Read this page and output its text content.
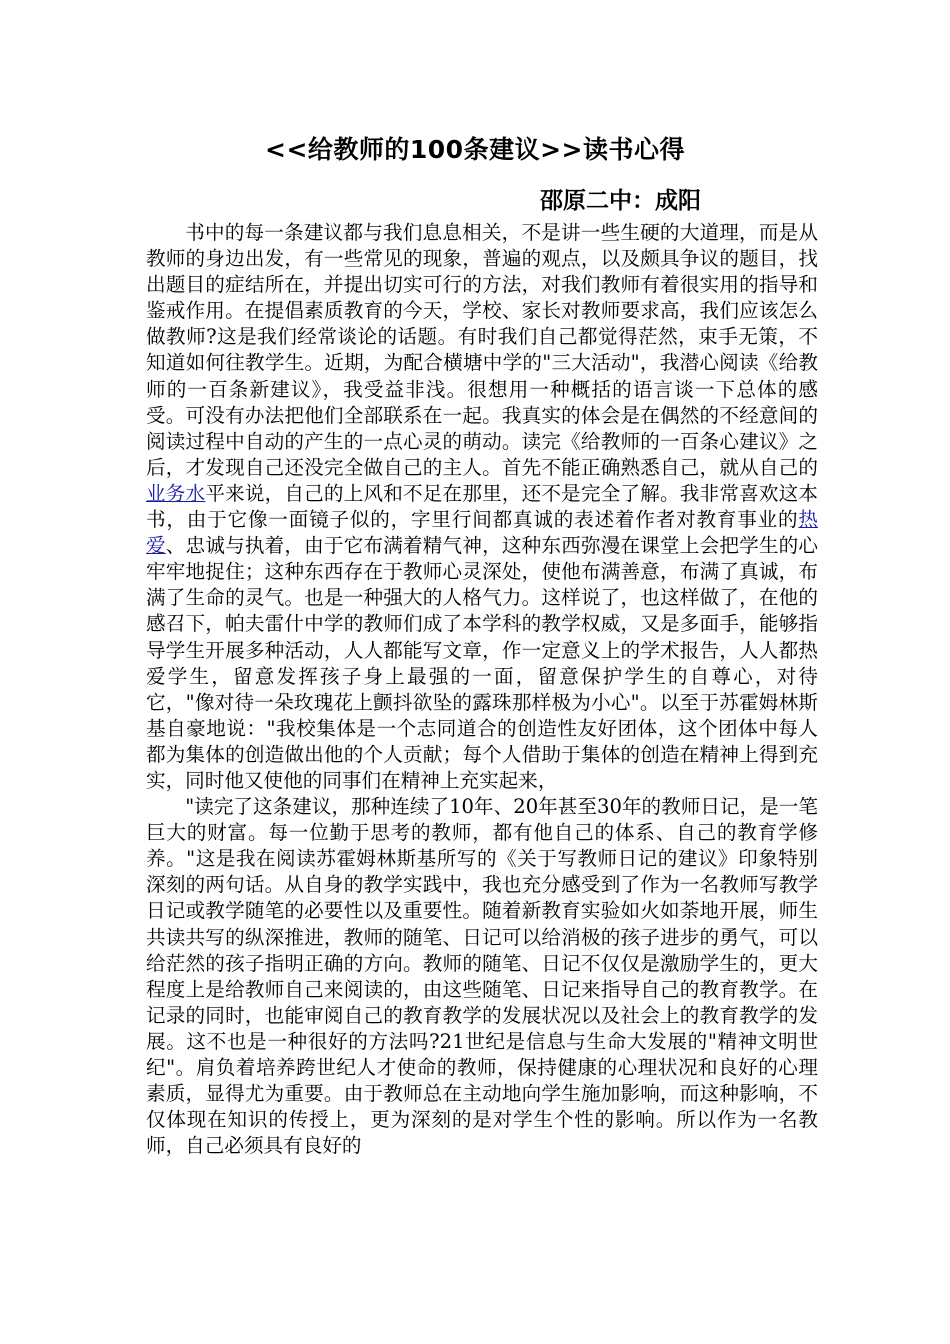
<<给教师的100条建议>>读书心得
邵原二中：成阳

书中的每一条建议都与我们息息相关，不是讲一些生硬的大道理，而是从教师的身边出发，有一些常见的现象，普遍的观点，以及颇具争议的题目，找出题目的症结所在，并提出切实可行的方法，对我们教师有着很实用的指导和鉴戒作用。在提倡素质教育的今天，学校、家长对教师要求高，我们应该怎么做教师?这是我们经常谈论的话题。有时我们自己都觉得茫然，束手无策，不知道如何往教学生。近期，为配合横塘中学的"三大活动"，我潜心阅读《给教师的一百条新建议》，我受益非浅。很想用一种概括的语言谈一下总体的感受。可没有办法把他们全部联系在一起。我真实的体会是在偶然的不经意间的阅读过程中自动的产生的一点心灵的萌动。读完《给教师的一百条心建议》之后，才发现自己还没完全做自己的主人。首先不能正确熟悉自己，就从自己的业务水平来说，自己的上风和不足在那里，还不是完全了解。我非常喜欢这本书，由于它像一面镜子似的，字里行间都真诚的表述着作者对教育事业的热爱、忠诚与执着，由于它布满着精气神，这种东西弥漫在课堂上会把学生的心牢牢地捉住；这种东西存在于教师心灵深处，使他布满善意，布满了真诚，布满了生命的灵气。也是一种强大的人格气力。这样说了，也这样做了，在他的感召下，帕夫雷什中学的教师们成了本学科的教学权威，又是多面手，能够指导学生开展多种活动，人人都能写文章，作一定意义上的学术报告，人人都热爱学生，留意发挥孩子身上最强的一面，留意保护学生的自尊心，对待它，"像对待一朵玫瑰花上颤抖欲坠的露珠那样极为小心"。以至于苏霍姆林斯基自豪地说："我校集体是一个志同道合的创造性友好团体，这个团体中每人都为集体的创造做出他的个人贡献；每个人借助于集体的创造在精神上得到充实，同时他又使他的同事们在精神上充实起来，

"读完了这条建议，那种连续了10年、20年甚至30年的教师日记，是一笔巨大的财富。每一位勤于思考的教师，都有他自己的体系、自己的教育学修养。"这是我在阅读苏霍姆林斯基所写的《关于写教师日记的建议》印象特别深刻的两句话。从自身的教学实践中，我也充分感受到了作为一名教师写教学日记或教学随笔的必要性以及重要性。随着新教育实验如火如荼地开展，师生共读共写的纵深推进，教师的随笔、日记可以给消极的孩子进步的勇气，可以给茫然的孩子指明正确的方向。教师的随笔、日记不仅仅是激励学生的，更大程度上是给教师自己来阅读的，由这些随笔、日记来指导自己的教育教学。在记录的同时，也能审阅自己的教育教学的发展状况以及社会上的教育教学的发展。这不也是一种很好的方法吗?21世纪是信息与生命大发展的"精神文明世纪"。肩负着培养跨世纪人才使命的教师，保持健康的心理状况和良好的心理素质，显得尤为重要。由于教师总在主动地向学生施加影响，而这种影响，不仅体现在知识的传授上，更为深刻的是对学生个性的影响。所以作为一名教师，自己必须具有良好的
